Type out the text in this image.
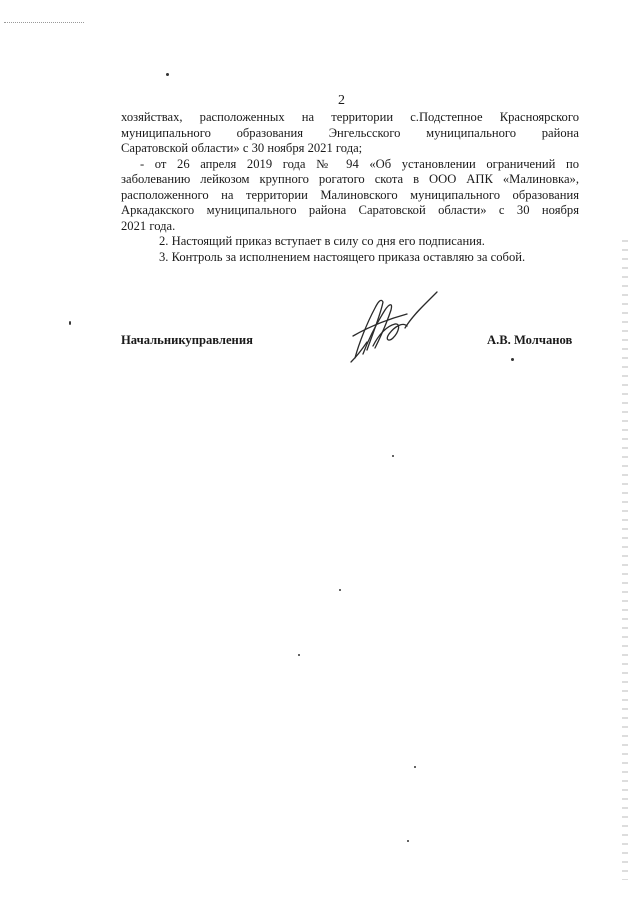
2
хозяйствах, расположенных на территории с.Подстепное Красноярского
муниципального образования Энгельсского муниципального района
Саратовской области» с 30 ноября 2021 года;
- от 26 апреля 2019 года № 94 «Об установлении ограничений по
заболеванию лейкозом крупного рогатого скота в ООО АПК «Малиновка»,
расположенного на территории Малиновского муниципального образования
Аркадакского муниципального района Саратовской области» с 30 ноября
2021 года.
2. Настоящий приказ вступает в силу со дня его подписания.
3. Контроль за исполнением настоящего приказа оставляю за собой.
Начальникуправления	А.В. Молчанов
